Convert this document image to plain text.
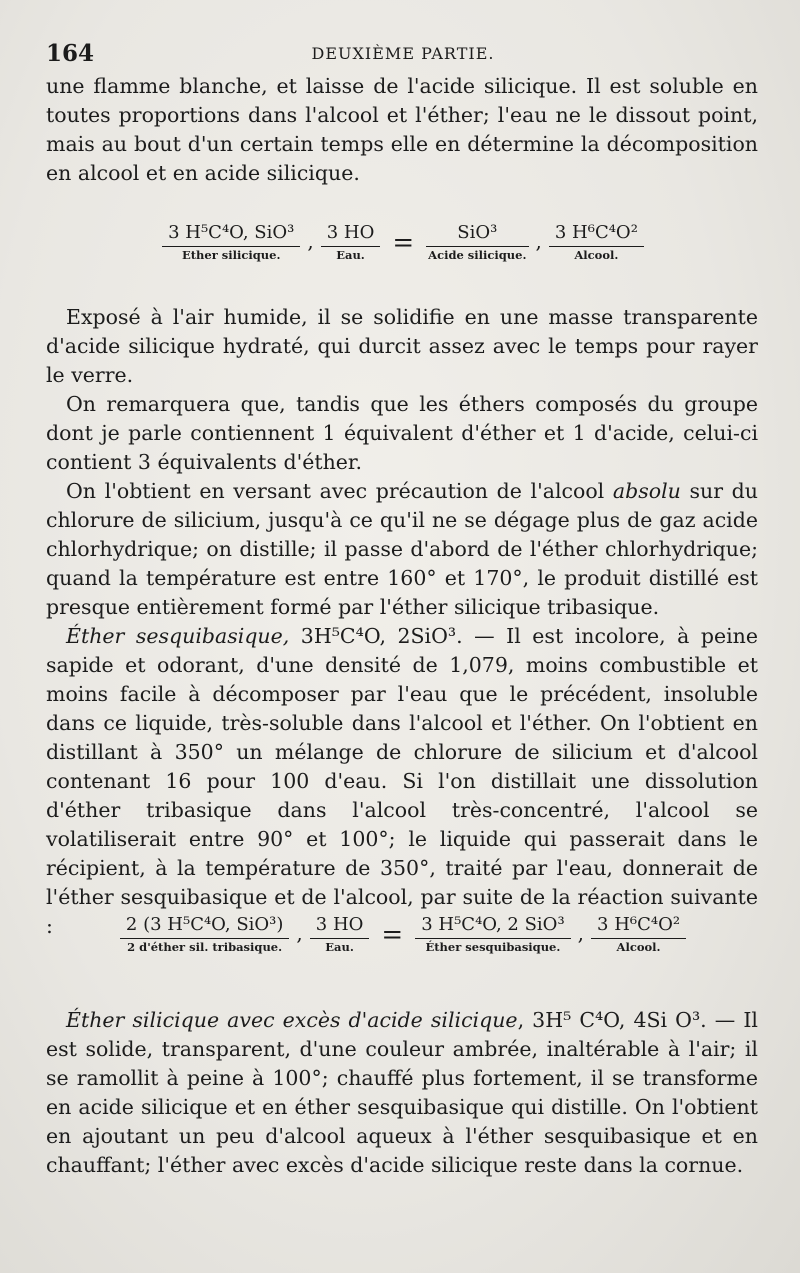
164	DEUXIÈME PARTIE.

une flamme blanche, et laisse de l'acide silicique. Il est soluble en toutes proportions dans l'alcool et l'éther; l'eau ne le dissout point, mais au bout d'un certain temps elle en détermine la décomposition en alcool et en acide silicique.

$\frac{\text{3 H⁵C⁴O, SiO³}}{\text{Ether silicique.}}$ , $\frac{3 HO}{\text{Eau.}} = \frac{\text{SiO³}}{\text{Acide silicique.}}$ , $\frac{\text{3 H⁶C⁴O²}}{\text{Alcool.}}$

Exposé à l'air humide, il se solidifie en une masse transparente d'acide silicique hydraté, qui durcit assez avec le temps pour rayer le verre.

On remarquera que, tandis que les éthers composés du groupe dont je parle contiennent 1 équivalent d'éther et 1 d'acide, celui-ci contient 3 équivalents d'éther.

On l'obtient en versant avec précaution de l'alcool absolu sur du chlorure de silicium, jusqu'à ce qu'il ne se dégage plus de gaz acide chlorhydrique; on distille; il passe d'abord de l'éther chlorhydrique; quand la température est entre 160° et 170°, le produit distillé est presque entièrement formé par l'éther silicique tribasique.

Éther sesquibasique, 3H⁵C⁴O, 2SiO³. — Il est incolore, à peine sapide et odorant, d'une densité de 1,079, moins combustible et moins facile à décomposer par l'eau que le précédent, insoluble dans ce liquide, très-soluble dans l'alcool et l'éther. On l'obtient en distillant à 350° un mélange de chlorure de silicium et d'alcool contenant 16 pour 100 d'eau. Si l'on distillait une dissolution d'éther tribasique dans l'alcool très-concentré, l'alcool se volatiliserait entre 90° et 100°; le liquide qui passerait dans le récipient, à la température de 350°, traité par l'eau, donnerait de l'éther sesquibasique et de l'alcool, par suite de la réaction suivante :	$\frac{\text{2 (3 H⁵C⁴O, SiO³)}}{\text{2 d'éther sil. tribasique.}}$ , $\frac{3 HO}{\text{Eau.}} = \frac{\text{3 H⁵C⁴O, 2 SiO³}}{\text{Éther sesquibasique.}}$ , $\frac{\text{3 H⁶C⁴O²}}{\text{Alcool.}}$

Éther silicique avec excès d'acide silicique, 3H⁵ C⁴O, 4Si O³. — Il est solide, transparent, d'une couleur ambrée, inaltérable à l'air; il se ramollit à peine à 100°; chauffé plus fortement, il se transforme en acide silicique et en éther sesquibasique qui distille. On l'obtient en ajoutant un peu d'alcool aqueux à l'éther sesquibasique et en chauffant; l'éther avec excès d'acide silicique reste dans la cornue.
